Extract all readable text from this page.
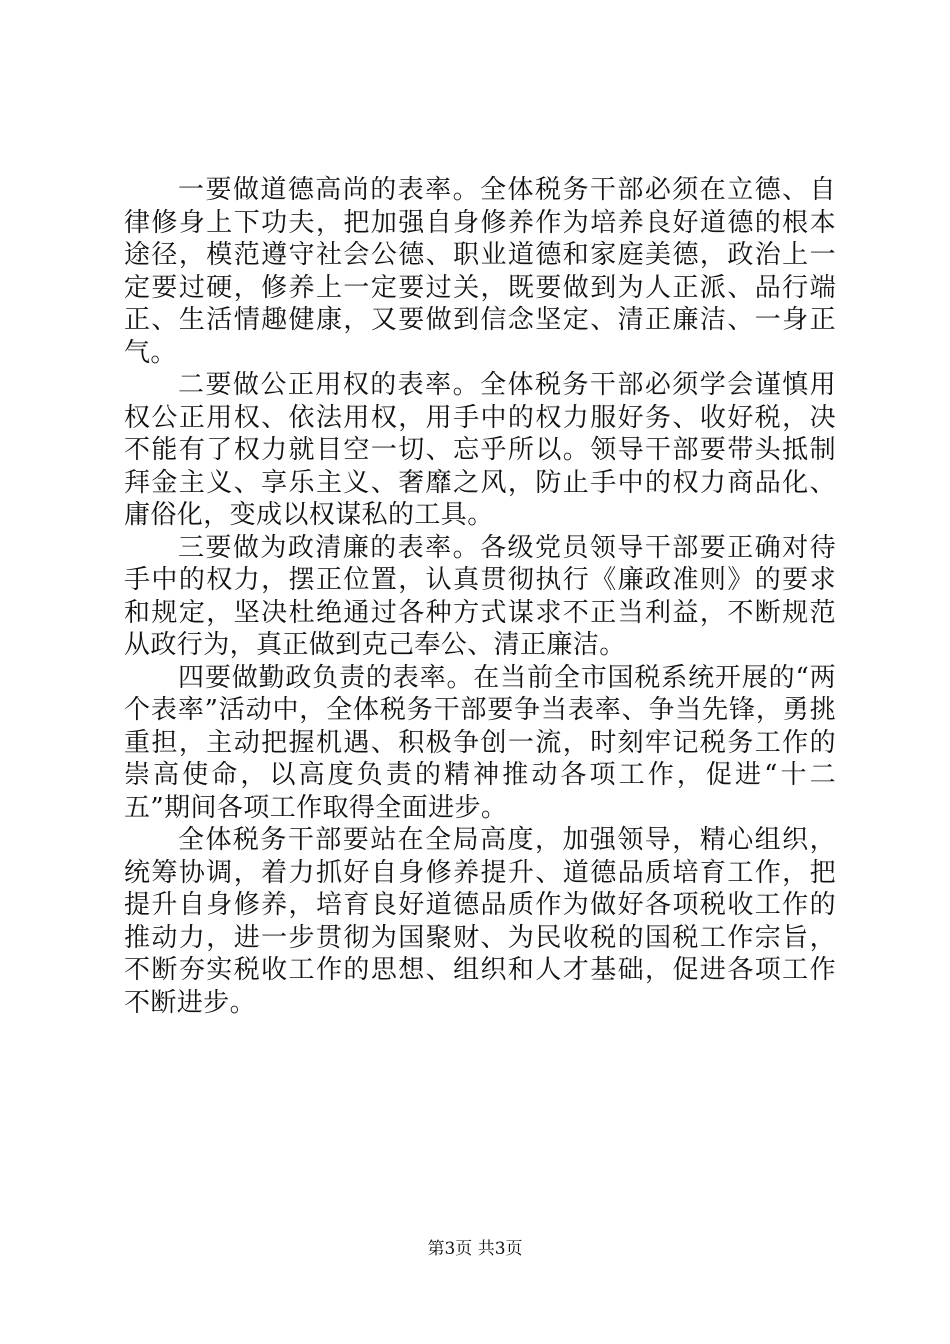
一要做道德高尚的表率。全体税务干部必须在立德、自律修身上下功夫，把加强自身修养作为培养良好道德的根本途径，模范遵守社会公德、职业道德和家庭美德，政治上一定要过硬，修养上一定要过关，既要做到为人正派、品行端正、生活情趣健康，又要做到信念坚定、清正廉洁、一身正气。

二要做公正用权的表率。全体税务干部必须学会谨慎用权公正用权、依法用权，用手中的权力服好务、收好税，决不能有了权力就目空一切、忘乎所以。领导干部要带头抵制拜金主义、享乐主义、奢靡之风，防止手中的权力商品化、庸俗化，变成以权谋私的工具。

三要做为政清廉的表率。各级党员领导干部要正确对待手中的权力，摆正位置，认真贯彻执行《廉政准则》的要求和规定，坚决杜绝通过各种方式谋求不正当利益，不断规范从政行为，真正做到克己奉公、清正廉洁。

四要做勤政负责的表率。在当前全市国税系统开展的“两个表率”活动中，全体税务干部要争当表率、争当先锋，勇挑重担，主动把握机遇、积极争创一流，时刻牢记税务工作的崇高使命，以高度负责的精神推动各项工作，促进“十二五”期间各项工作取得全面进步。

全体税务干部要站在全局高度，加强领导，精心组织，统筹协调，着力抓好自身修养提升、道德品质培育工作，把提升自身修养，培育良好道德品质作为做好各项税收工作的推动力，进一步贯彻为国聚财、为民收税的国税工作宗旨，不断夯实税收工作的思想、组织和人才基础，促进各项工作不断进步。

第3页 共3页
